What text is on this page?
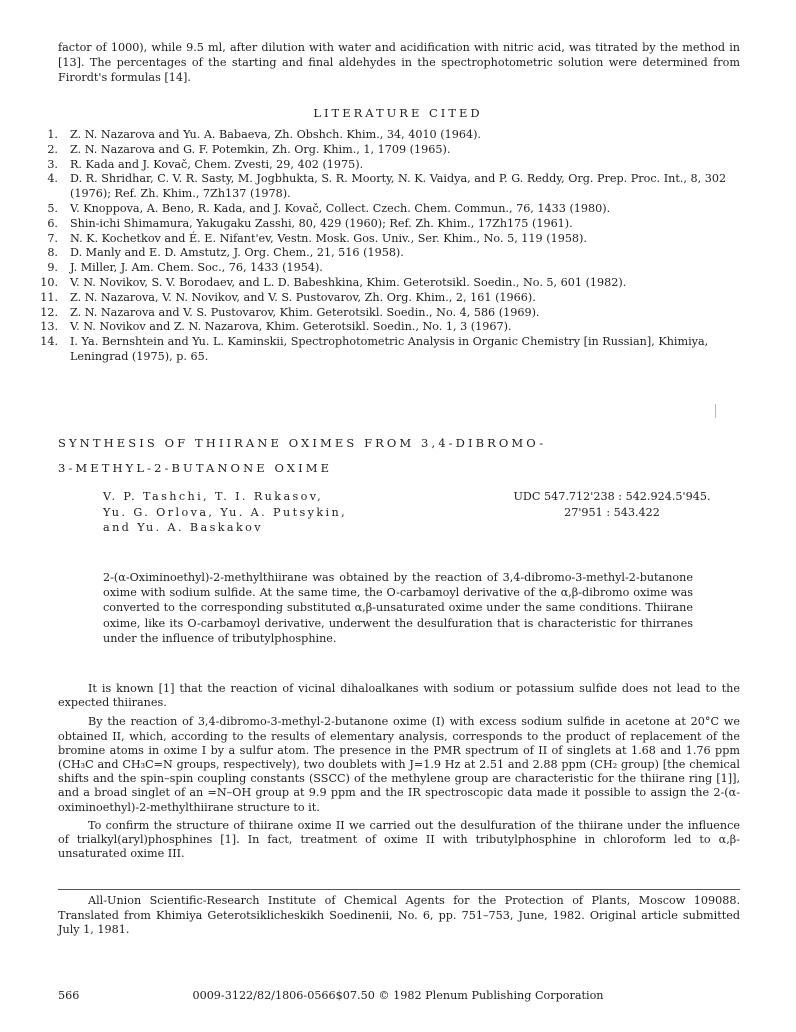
factor of 1000), while 9.5 ml, after dilution with water and acidification with nitric acid, was titrated by the method in [13]. The percentages of the starting and final aldehydes in the spectrophotometric solution were determined from Firordt's formulas [14].

LITERATURE CITED
1. Z. N. Nazarova and Yu. A. Babaeva, Zh. Obshch. Khim., 34, 4010 (1964).
2. Z. N. Nazarova and G. F. Potemkin, Zh. Org. Khim., 1, 1709 (1965).
3. R. Kada and J. Kovač, Chem. Zvesti, 29, 402 (1975).
4. D. R. Shridhar, C. V. R. Sasty, M. Jogbhukta, S. R. Moorty, N. K. Vaidya, and P. G. Reddy, Org. Prep. Proc. Int., 8, 302 (1976); Ref. Zh. Khim., 7Zh137 (1978).
5. V. Knoppova, A. Beno, R. Kada, and J. Kovač, Collect. Czech. Chem. Commun., 76, 1433 (1980).
6. Shin-ichi Shimamura, Yakugaku Zasshi, 80, 429 (1960); Ref. Zh. Khim., 17Zh175 (1961).
7. N. K. Kochetkov and É. E. Nifant'ev, Vestn. Mosk. Gos. Univ., Ser. Khim., No. 5, 119 (1958).
8. D. Manly and E. D. Amstutz, J. Org. Chem., 21, 516 (1958).
9. J. Miller, J. Am. Chem. Soc., 76, 1433 (1954).
10. V. N. Novikov, S. V. Borodaev, and L. D. Babeshkina, Khim. Geterotsikl. Soedin., No. 5, 601 (1982).
11. Z. N. Nazarova, V. N. Novikov, and V. S. Pustovarov, Zh. Org. Khim., 2, 161 (1966).
12. Z. N. Nazarova and V. S. Pustovarov, Khim. Geterotsikl. Soedin., No. 4, 586 (1969).
13. V. N. Novikov and Z. N. Nazarova, Khim. Geterotsikl. Soedin., No. 1, 3 (1967).
14. I. Ya. Bernshtein and Yu. L. Kaminskii, Spectrophotometric Analysis in Organic Chemistry [in Russian], Khimiya, Leningrad (1975), p. 65.
SYNTHESIS OF THIIRANE OXIMES FROM 3,4-DIBROMO-
3-METHYL-2-BUTANONE OXIME
V. P. Tashchi, T. I. Rukasov,
Yu. G. Orlova, Yu. A. Putsykin,
and Yu. A. Baskakov
UDC 547.712'238 : 542.924.5'945.
27'951 : 543.422

2-(α-Oximinoethyl)-2-methylthiirane was obtained by the reaction of 3,4-dibromo-3-methyl-2-butanone oxime with sodium sulfide. At the same time, the O-carbamoyl derivative of the α,β-dibromo oxime was converted to the corresponding substituted α,β-unsaturated oxime under the same conditions. Thiirane oxime, like its O-carbamoyl derivative, underwent the desulfuration that is characteristic for thirranes under the influence of tributylphosphine.

It is known [1] that the reaction of vicinal dihaloalkanes with sodium or potassium sulfide does not lead to the expected thiiranes.

By the reaction of 3,4-dibromo-3-methyl-2-butanone oxime (I) with excess sodium sulfide in acetone at 20°C we obtained II, which, according to the results of elementary analysis, corresponds to the product of replacement of the bromine atoms in oxime I by a sulfur atom. The presence in the PMR spectrum of II of singlets at 1.68 and 1.76 ppm (CH₃C and CH₃C=N groups, respectively), two doublets with J=1.9 Hz at 2.51 and 2.88 ppm (CH₂ group) [the chemical shifts and the spin–spin coupling constants (SSCC) of the methylene group are characteristic for the thiirane ring [1]], and a broad singlet of an =N–OH group at 9.9 ppm and the IR spectroscopic data made it possible to assign the 2-(α-oximinoethyl)-2-methylthiirane structure to it.

To confirm the structure of thiirane oxime II we carried out the desulfuration of the thiirane under the influence of trialkyl(aryl)phosphines [1]. In fact, treatment of oxime II with tributylphosphine in chloroform led to α,β-unsaturated oxime III.

All-Union Scientific-Research Institute of Chemical Agents for the Protection of Plants, Moscow 109088. Translated from Khimiya Geterotsiklicheskikh Soedinenii, No. 6, pp. 751–753, June, 1982. Original article submitted July 1, 1981.

566	0009-3122/82/1806-0566$07.50 © 1982 Plenum Publishing Corporation
